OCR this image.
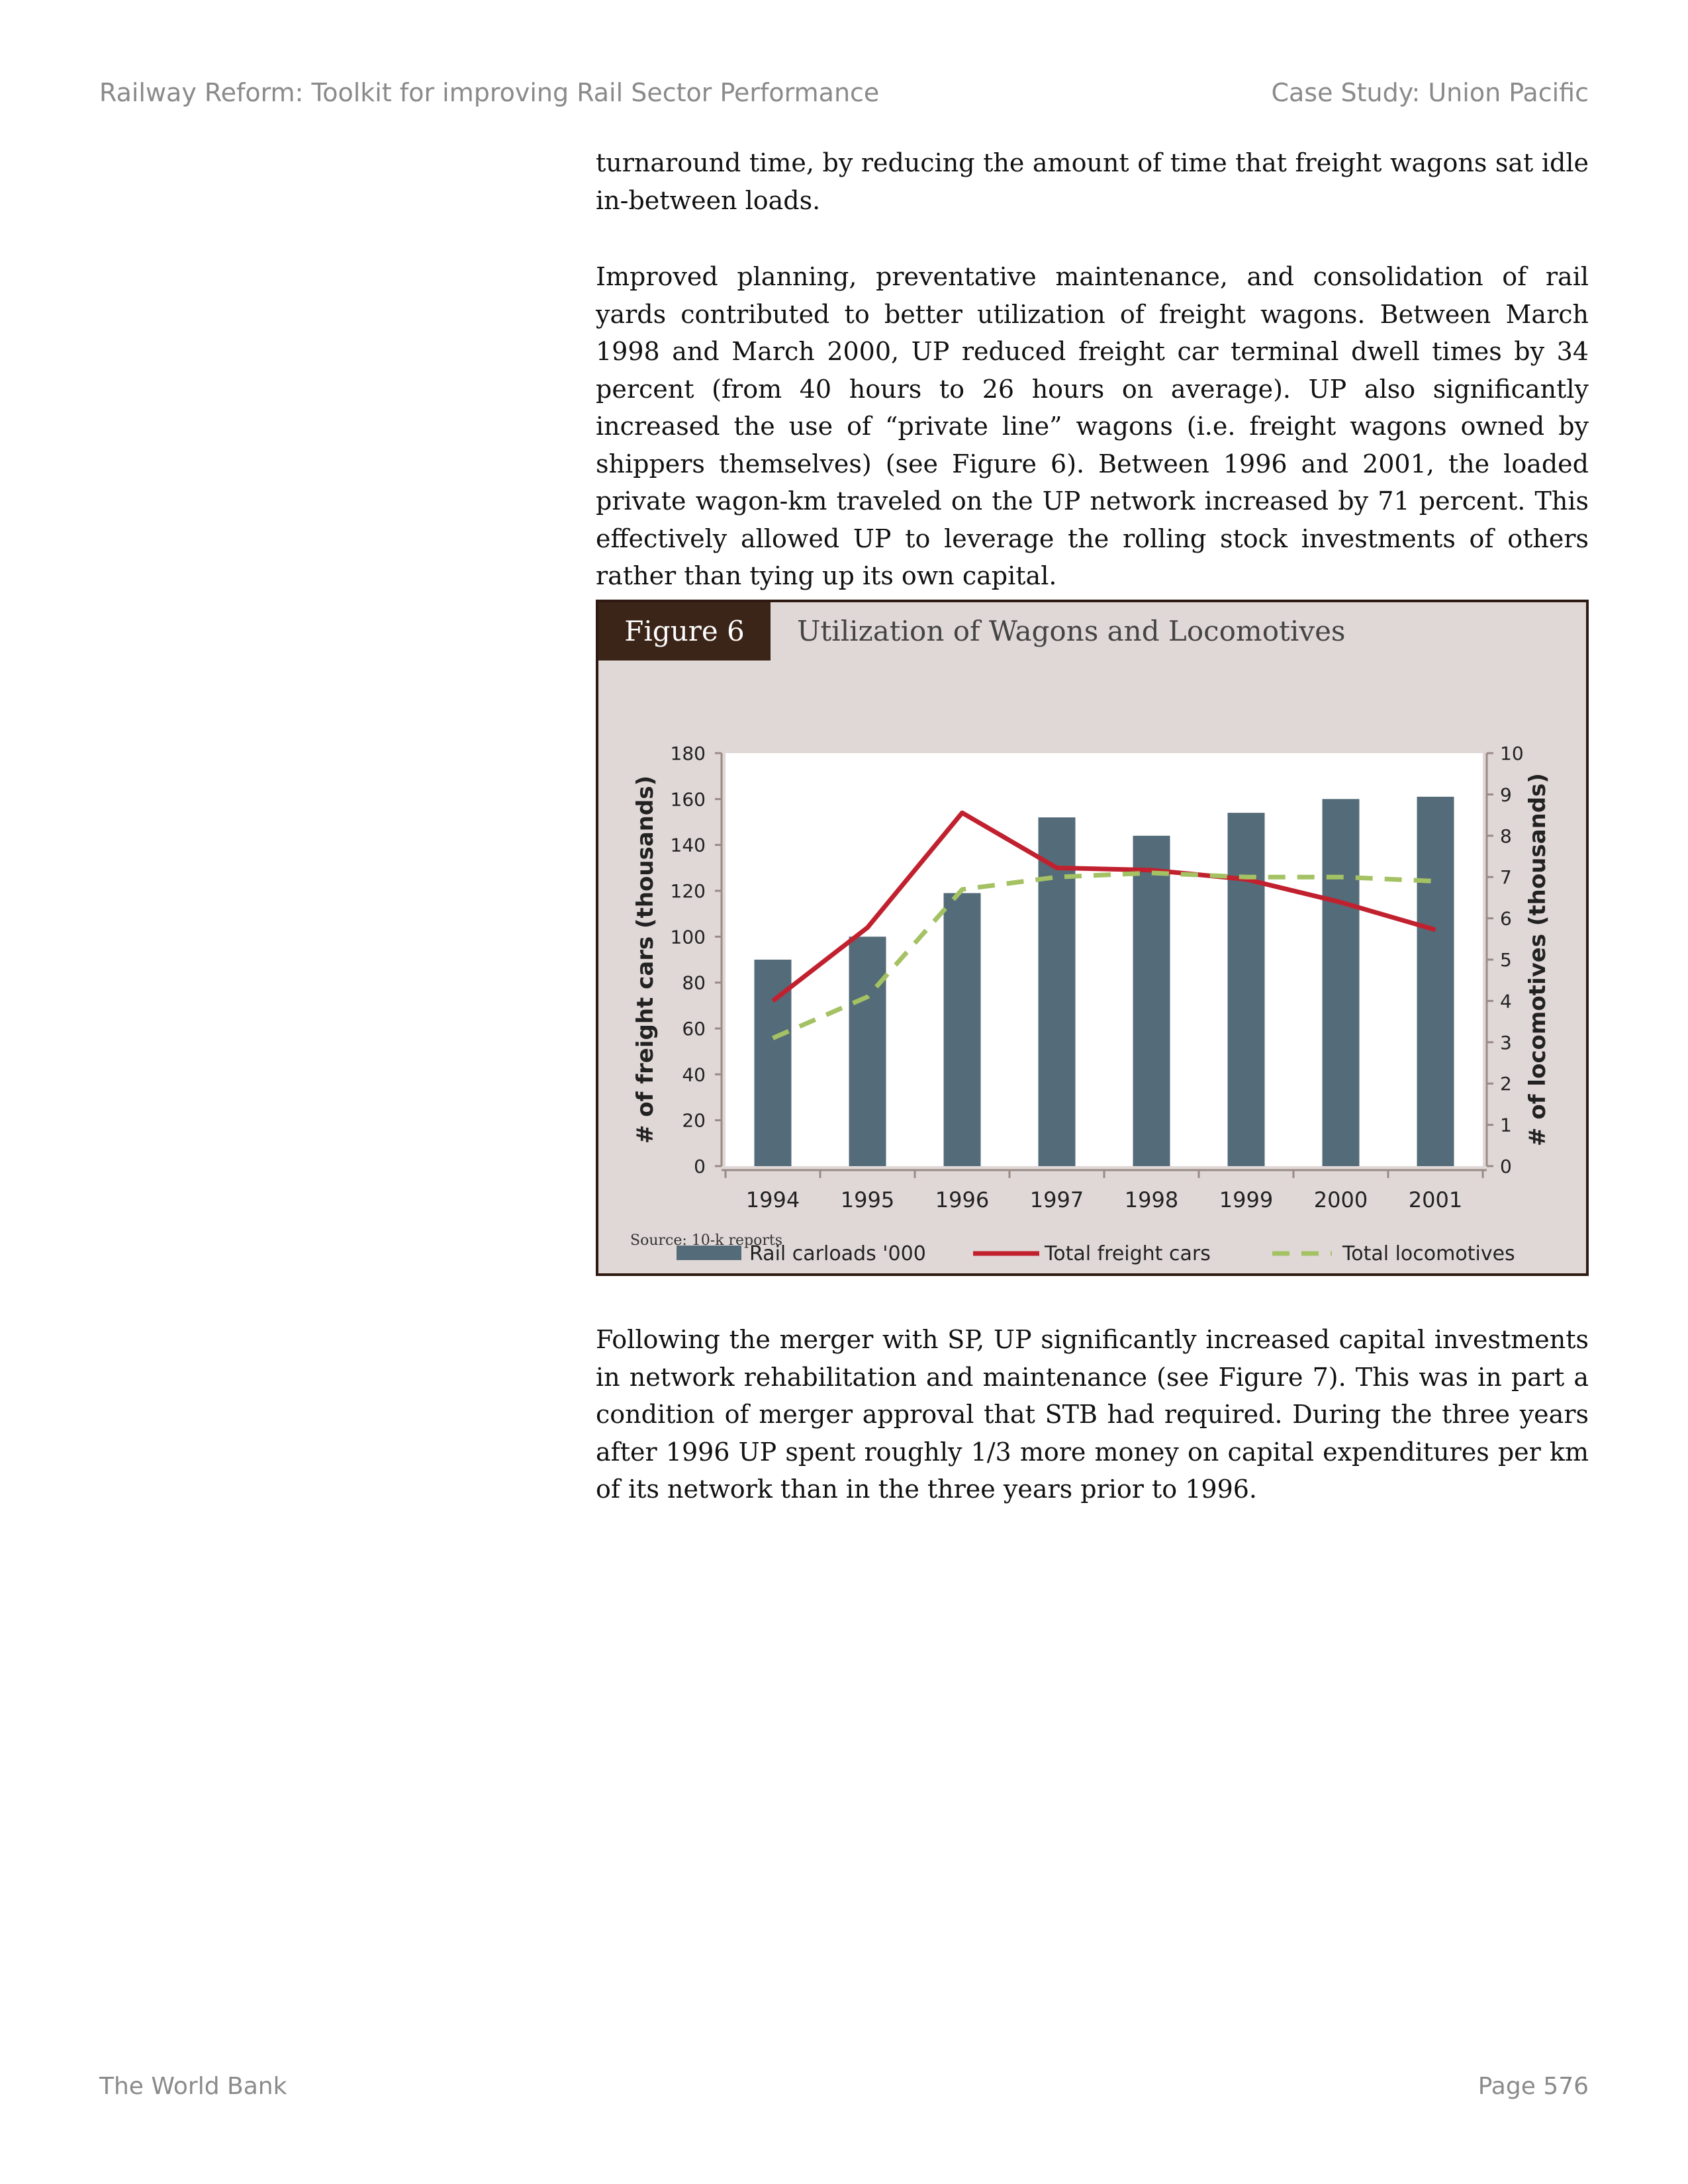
Railway Reform: Toolkit for improving Rail Sector Performance	Case Study: Union Pacific

turnaround time, by reducing the amount of time that freight wagons sat idle in-between loads.

Improved planning, preventative maintenance, and consolidation of rail yards contributed to better utilization of freight wagons. Between March 1998 and March 2000, UP reduced freight car terminal dwell times by 34 percent (from 40 hours to 26 hours on average). UP also significantly increased the use of “private line” wagons (i.e. freight wagons owned by shippers themselves) (see Figure 6). Between 1996 and 2001, the loaded private wagon-km traveled on the UP network increased by 71 percent. This effectively allowed UP to leverage the rolling stock investments of others rather than tying up its own capital.

Figure 6	Utilization of Wagons and Locomotives
0
20
40
60
80
100
120
140
160
180
0
1
2
3
4
5
6
7
8
9
10
1994 1995 1996 1997 1998 1999 2000 2001
# of freight cars (thousands)	# of locomotives (thousands)
Rail carloads '000	Total freight cars	Total locomotives
Source: 10-k reports

Following the merger with SP, UP significantly increased capital investments in network rehabilitation and maintenance (see Figure 7). This was in part a condition of merger approval that STB had required. During the three years after 1996 UP spent roughly 1/3 more money on capital expenditures per km of its network than in the three years prior to 1996.

The World Bank	Page 576
